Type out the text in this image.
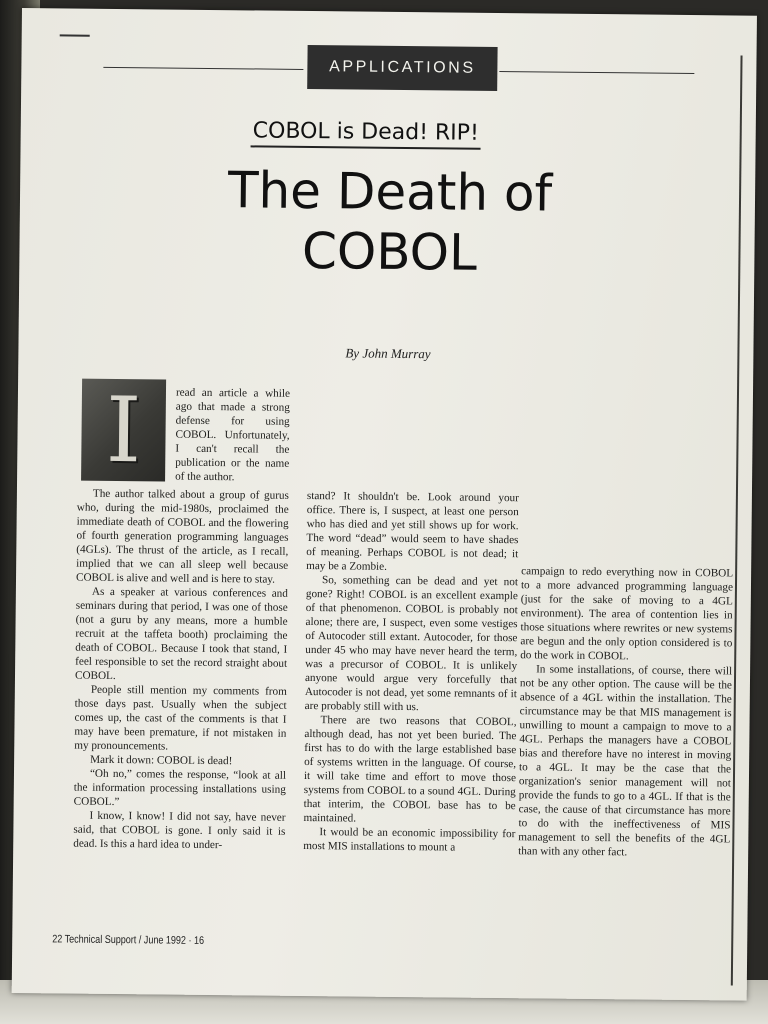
APPLICATIONS
COBOL is Dead! RIP!
The Death of COBOL
By John Murray
I	read an article a while ago that made a strong defense for using COBOL. Unfortunately, I can't recall the publication or the name of the author.

The author talked about a group of gurus who, during the mid-1980s, proclaimed the immediate death of COBOL and the flowering of fourth generation programming languages (4GLs). The thrust of the article, as I recall, implied that we can all sleep well because COBOL is alive and well and is here to stay.

As a speaker at various conferences and seminars during that period, I was one of those (not a guru by any means, more a humble recruit at the taffeta booth) proclaiming the death of COBOL. Because I took that stand, I feel responsible to set the record straight about COBOL.

People still mention my comments from those days past. Usually when the subject comes up, the cast of the comments is that I may have been premature, if not mistaken in my pronouncements.

Mark it down: COBOL is dead!

“Oh no,” comes the response, “look at all the information processing installations using COBOL.”

I know, I know! I did not say, have never said, that COBOL is gone. I only said it is dead. Is this a hard idea to under-

stand? It shouldn't be. Look around your office. There is, I suspect, at least one person who has died and yet still shows up for work. The word “dead” would seem to have shades of meaning. Perhaps COBOL is not dead; it may be a Zombie.

So, something can be dead and yet not gone? Right! COBOL is an excellent example of that phenomenon. COBOL is probably not alone; there are, I suspect, even some vestiges of Autocoder still extant. Autocoder, for those under 45 who may have never heard the term, was a precursor of COBOL. It is unlikely anyone would argue very forcefully that Autocoder is not dead, yet some remnants of it are probably still with us.

There are two reasons that COBOL, although dead, has not yet been buried. The first has to do with the large established base of systems written in the language. Of course, it will take time and effort to move those systems from COBOL to a sound 4GL. During that interim, the COBOL base has to be maintained.

It would be an economic impossibility for most MIS installations to mount a

campaign to redo everything now in COBOL to a more advanced programming language (just for the sake of moving to a 4GL environment). The area of contention lies in those situations where rewrites or new systems are begun and the only option considered is to do the work in COBOL.

In some installations, of course, there will not be any other option. The cause will be the absence of a 4GL within the installation. The circumstance may be that MIS management is unwilling to mount a campaign to move to a 4GL. Perhaps the managers have a COBOL bias and therefore have no interest in moving to a 4GL. It may be the case that the organization's senior management will not provide the funds to go to a 4GL. If that is the case, the cause of that circumstance has more to do with the ineffectiveness of MIS management to sell the benefits of the 4GL than with any other fact.

22 Technical Support / June 1992 · 16
